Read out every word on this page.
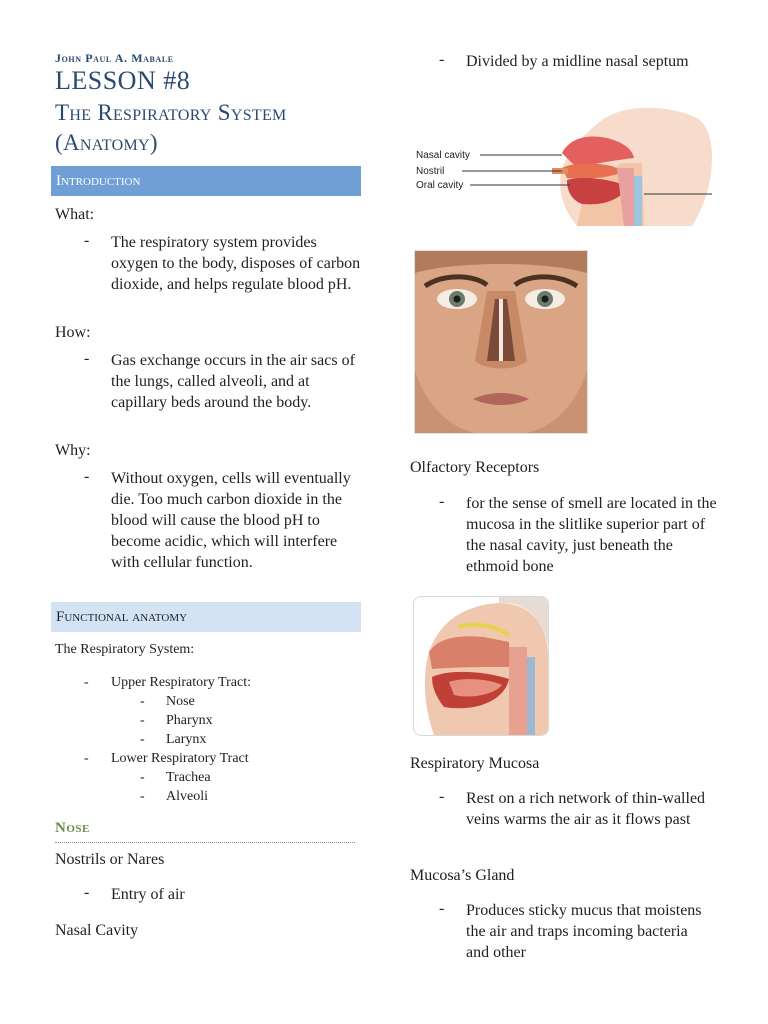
John Paul A. Mabale
LESSON #8
The Respiratory System
(Anatomy)
Introduction
What:
- The respiratory system provides oxygen to the body, disposes of carbon dioxide, and helps regulate blood pH.
How:
- Gas exchange occurs in the air sacs of the lungs, called alveoli, and at capillary beds around the body.
Why:
- Without oxygen, cells will eventually die. Too much carbon dioxide in the blood will cause the blood pH to become acidic, which will interfere with cellular function.
Functional anatomy
The Respiratory System:
- Upper Respiratory Tract:
- Nose
- Pharynx
- Larynx
- Lower Respiratory Tract
- Trachea
- Alveoli
Nose
Nostrils or Nares
- Entry of air
Nasal Cavity
- Divided by a midline nasal septum
Nasal cavity
Nostril
Oral cavity
Olfactory Receptors
- for the sense of smell are located in the mucosa in the slitlike superior part of the nasal cavity, just beneath the ethmoid bone
Respiratory Mucosa
- Rest on a rich network of thin-walled veins warms the air as it flows past
Mucosa’s Gland
- Produces sticky mucus that moistens the air and traps incoming bacteria and other
